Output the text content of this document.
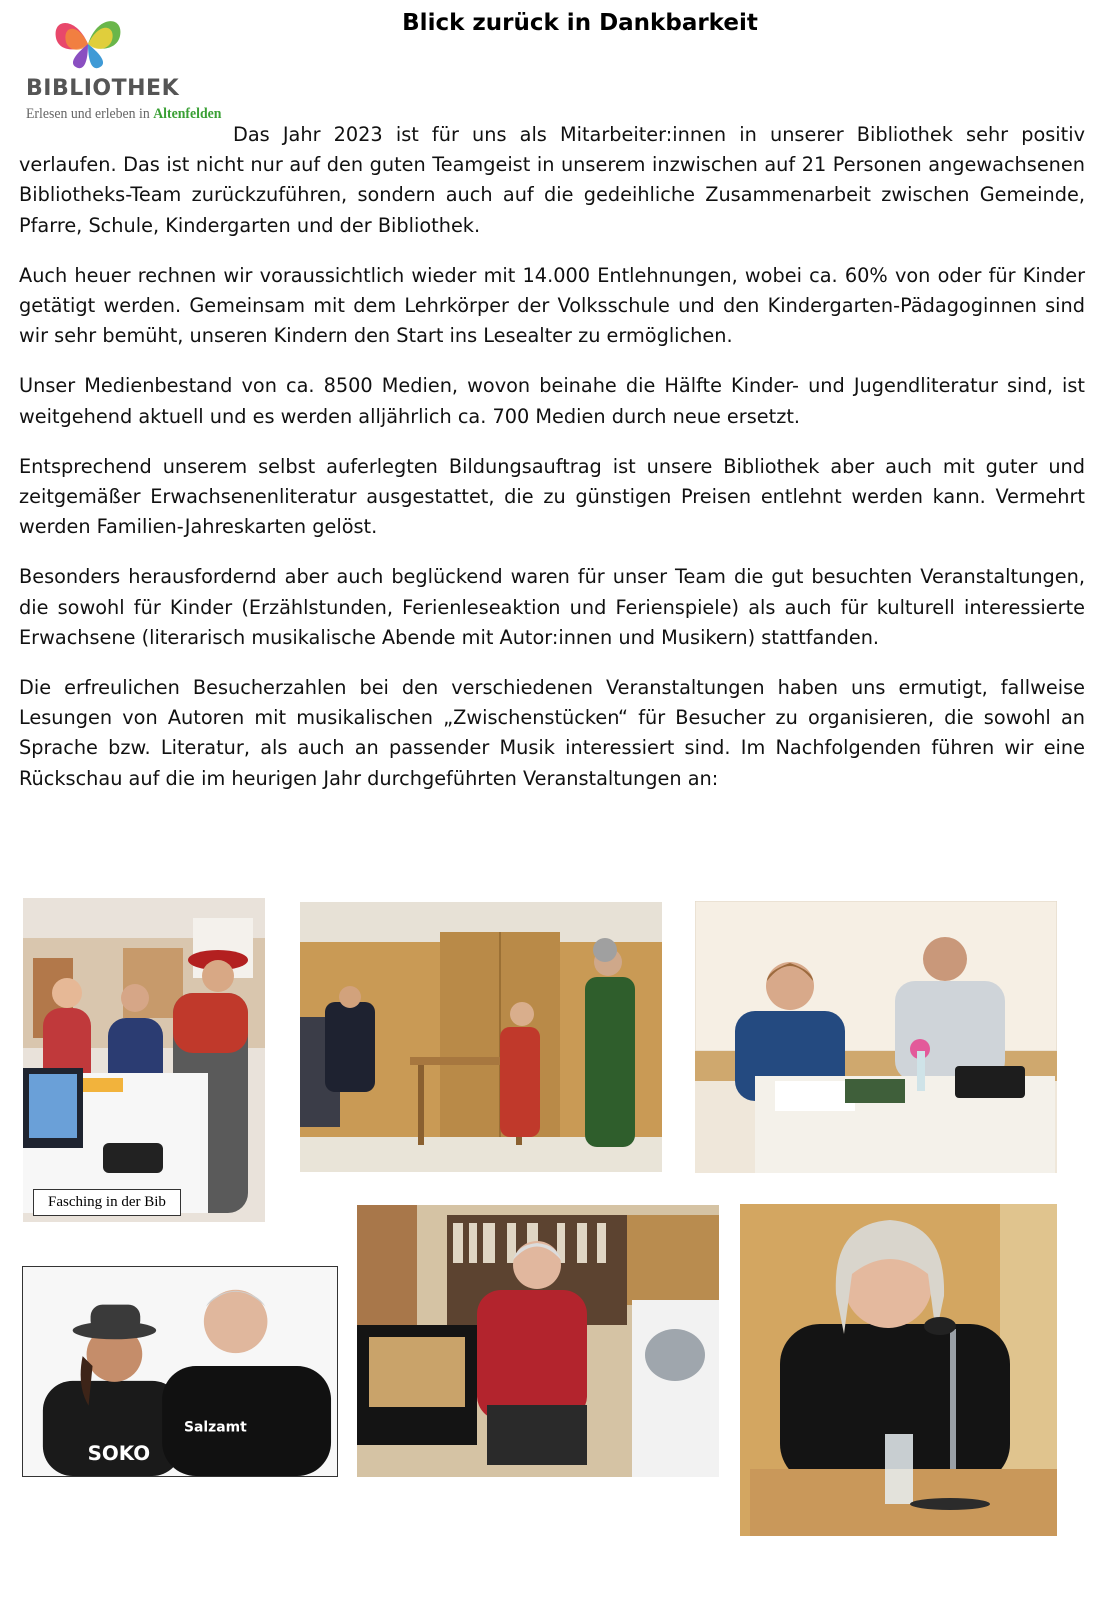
Blick zurück in Dankbarkeit
BIBLIOTHEK
Erlesen und erleben in Altenfelden

Das Jahr 2023 ist für uns als Mitarbeiter:innen in unserer Bibliothek sehr positiv verlaufen. Das ist nicht nur auf den guten Teamgeist in unserem inzwischen auf 21 Personen angewachsenen Bibliotheks-Team zurückzuführen, sondern auch auf die gedeihliche Zusammenarbeit zwischen Gemeinde, Pfarre, Schule, Kindergarten und der Bibliothek.

Auch heuer rechnen wir voraussichtlich wieder mit 14.000 Entlehnungen, wobei ca. 60% von oder für Kinder getätigt werden. Gemeinsam mit dem Lehrkörper der Volksschule und den Kindergarten-Pädagoginnen sind wir sehr bemüht, unseren Kindern den Start ins Lesealter zu ermöglichen.

Unser Medienbestand von ca. 8500 Medien, wovon beinahe die Hälfte Kinder- und Jugendliteratur sind, ist weitgehend aktuell und es werden alljährlich ca. 700 Medien durch neue ersetzt.

Entsprechend unserem selbst auferlegten Bildungsauftrag ist unsere Bibliothek aber auch mit guter und zeitgemäßer Erwachsenenliteratur ausgestattet, die zu günstigen Preisen entlehnt werden kann. Vermehrt werden Familien-Jahreskarten gelöst.

Besonders herausfordernd aber auch beglückend waren für unser Team die gut besuchten Veranstaltungen, die sowohl für Kinder (Erzählstunden, Ferienleseaktion und Ferienspiele) als auch für kulturell interessierte Erwachsene (literarisch musikalische Abende mit Autor:innen und Musikern) stattfanden.

Die erfreulichen Besucherzahlen bei den verschiedenen Veranstaltungen haben uns ermutigt, fallweise Lesungen von Autoren mit musikalischen „Zwischenstücken“ für Besucher zu organisieren, die sowohl an Sprache bzw. Literatur, als auch an passender Musik interessiert sind. Im Nachfolgenden führen wir eine Rückschau auf die im heurigen Jahr durchgeführten Veranstaltungen an:

Fasching in der Bib
SOKO
Salzamt
